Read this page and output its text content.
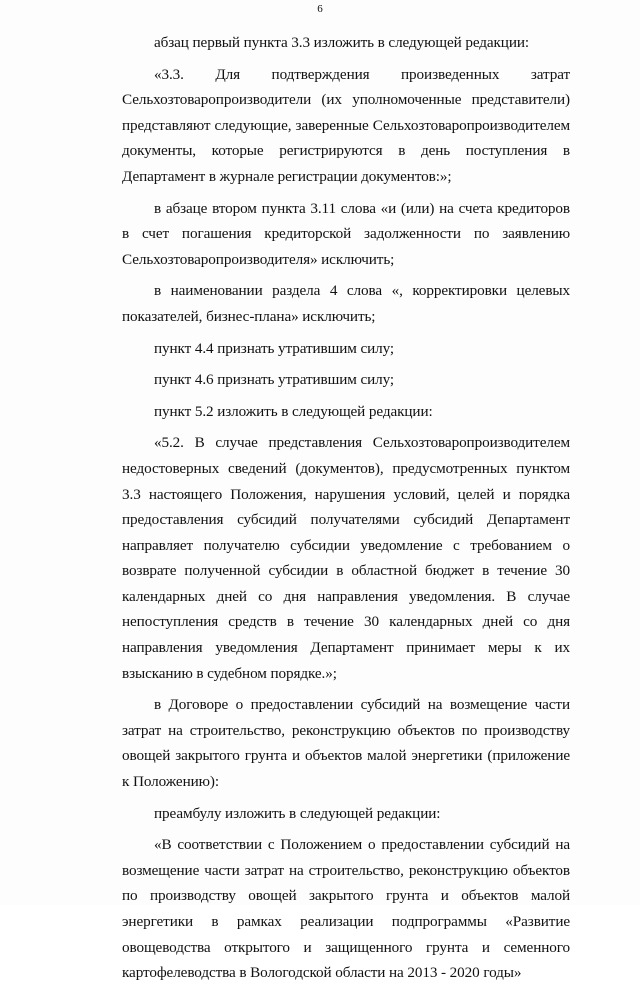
6

абзац первый пункта 3.3 изложить в следующей редакции:

«3.3. Для подтверждения произведенных затрат Сельхозтоваропроизводители (их уполномоченные представители) представляют следующие, заверенные Сельхозтоваропроизводителем документы, которые регистрируются в день поступления в Департамент в журнале регистрации документов:»;

в абзаце втором пункта 3.11 слова «и (или) на счета кредиторов в счет погашения кредиторской задолженности по заявлению Сельхозтоваропроизводителя» исключить;

в наименовании раздела 4 слова «, корректировки целевых показателей, бизнес-плана» исключить;

пункт 4.4 признать утратившим силу;

пункт 4.6 признать утратившим силу;

пункт 5.2 изложить в следующей редакции:

«5.2. В случае представления Сельхозтоваропроизводителем недостоверных сведений (документов), предусмотренных пунктом 3.3 настоящего Положения, нарушения условий, целей и порядка предоставления субсидий получателями субсидий Департамент направляет получателю субсидии уведомление с требованием о возврате полученной субсидии в областной бюджет в течение 30 календарных дней со дня направления уведомления. В случае непоступления средств в течение 30 календарных дней со дня направления уведомления Департамент принимает меры к их взысканию в судебном порядке.»;

в Договоре о предоставлении субсидий на возмещение части затрат на строительство, реконструкцию объектов по производству овощей закрытого грунта и объектов малой энергетики (приложение к Положению):

преамбулу изложить в следующей редакции:

«В соответствии с Положением о предоставлении субсидий на возмещение части затрат на строительство, реконструкцию объектов по производству овощей закрытого грунта и объектов малой энергетики в рамках реализации подпрограммы «Развитие овощеводства открытого и защищенного грунта и семенного картофелеводства в Вологодской области на 2013 - 2020 годы»
